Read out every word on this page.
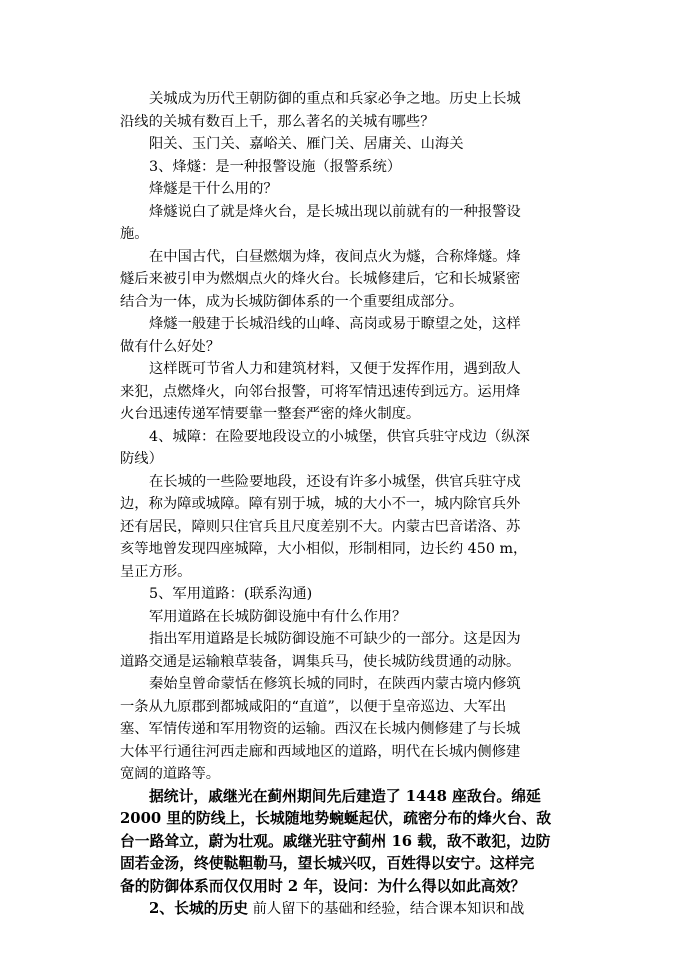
关城成为历代王朝防御的重点和兵家必争之地。历史上长城
沿线的关城有数百上千，那么著名的关城有哪些？
阳关、玉门关、嘉峪关、雁门关、居庸关、山海关
3、烽燧：是一种报警设施（报警系统）
烽燧是干什么用的？
烽燧说白了就是烽火台，是长城出现以前就有的一种报警设
施。
在中国古代，白昼燃烟为烽，夜间点火为燧，合称烽燧。烽
燧后来被引申为燃烟点火的烽火台。长城修建后，它和长城紧密
结合为一体，成为长城防御体系的一个重要组成部分。
烽燧一般建于长城沿线的山峰、高岗或易于瞭望之处，这样
做有什么好处？
这样既可节省人力和建筑材料，又便于发挥作用，遇到敌人
来犯，点燃烽火，向邻台报警，可将军情迅速传到远方。运用烽
火台迅速传递军情要靠一整套严密的烽火制度。
4、城障：在险要地段设立的小城堡，供官兵驻守戍边（纵深
防线）
在长城的一些险要地段，还设有许多小城堡，供官兵驻守戍
边，称为障或城障。障有别于城，城的大小不一，城内除官兵外
还有居民，障则只住官兵且尺度差别不大。内蒙古巴音诺洛、苏
亥等地曾发现四座城障，大小相似，形制相同，边长约 450 m，
呈正方形。
5、军用道路：(联系沟通)
军用道路在长城防御设施中有什么作用？
指出军用道路是长城防御设施不可缺少的一部分。这是因为
道路交通是运输粮草装备，调集兵马，使长城防线贯通的动脉。
秦始皇曾命蒙恬在修筑长城的同时，在陕西内蒙古境内修筑
一条从九原郡到都城咸阳的“直道”，以便于皇帝巡边、大军出
塞、军情传递和军用物资的运输。西汉在长城内侧修建了与长城
大体平行通往河西走廊和西域地区的道路，明代在长城内侧修建
宽阔的道路等。
据统计，戚继光在蓟州期间先后建造了 1448 座敌台。绵延
2000 里的防线上，长城随地势蜿蜒起伏，疏密分布的烽火台、敌
台一路耸立，蔚为壮观。戚继光驻守蓟州 16 载，敌不敢犯，边防
固若金汤，终使鞑靼勒马，望长城兴叹，百姓得以安宁。这样完
备的防御体系而仅仅用时 2 年，设问：为什么得以如此高效？
2、长城的历史 前人留下的基础和经验，结合课本知识和战
